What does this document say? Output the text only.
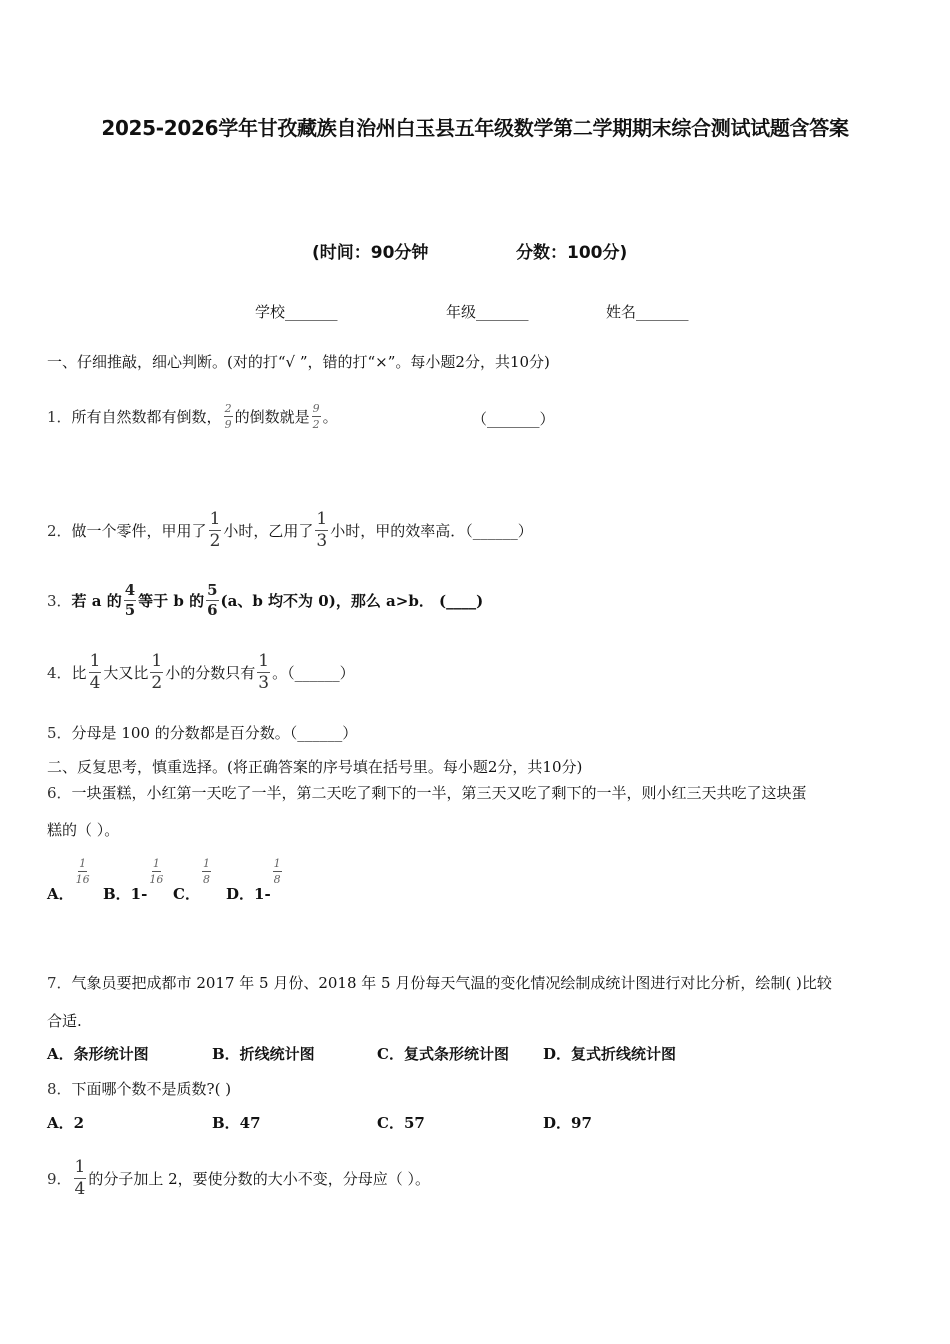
2025-2026学年甘孜藏族自治州白玉县五年级数学第二学期期末综合测试试题含答案
(时间：90分钟	分数：100分)
学校_______	年级_______	姓名_______
一、仔细推敲，细心判断。(对的打“√ ”，错的打“×”。每小题2分，共10分)
1． 所有自然数都有倒数， $\frac{2}{9}$ 的倒数就是 $\frac{9}{2}$ 。	（_______）
2． 做一个零件，甲用了 $\frac{1}{2}$ 小时，乙用了 $\frac{1}{3}$ 小时，甲的效率高．（______）
3． 若 a 的 $\frac{4}{5}$ 等于 b 的 $\frac{5}{6} (a$、b 均不为 0)，那么 a>b． (____)
4． 比 $\frac{1}{4}$ 大又比 $\frac{1}{2}$ 小的分数只有 $\frac{1}{3}$ 。（______）
5．分母是 100 的分数都是百分数。（______）
二、反复思考，慎重选择。(将正确答案的序号填在括号里。每小题2分，共10分)
6．一块蛋糕，小红第一天吃了一半，第二天吃了剩下的一半，第三天又吃了剩下的一半，则小红三天共吃了这块蛋
糕的（ ）。
A．
$\frac{1}{16}$
B．1-
$\frac{1}{16}$
C．
$\frac{1}{8}$
D．1-
$\frac{1}{8}$
7．气象员要把成都市 2017 年 5 月份、2018 年 5 月份每天气温的变化情况绘制成统计图进行对比分析，绘制( )比较
合适.
A．条形统计图	B．折线统计图	C．复式条形统计图 D．复式折线统计图
8．下面哪个数不是质数?( )
A．2	B．47	C．57	D．97
9． $\frac{1}{4}$ 的分子加上 2，要使分数的大小不变，分母应（ ）。
